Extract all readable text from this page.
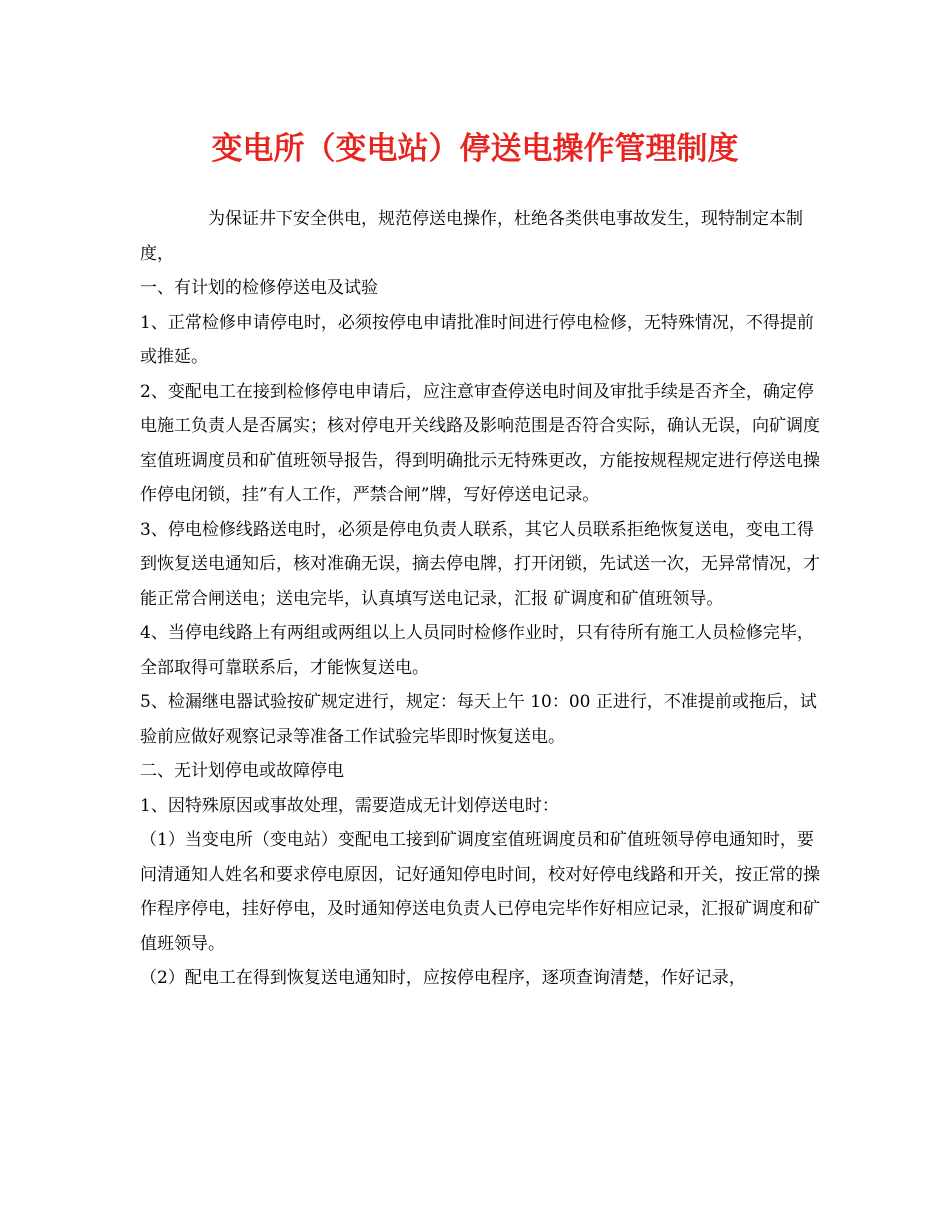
变电所（变电站）停送电操作管理制度

为保证井下安全供电，规范停送电操作，杜绝各类供电事故发生，现特制定本制度，

一、有计划的检修停送电及试验

1、正常检修申请停电时，必须按停电申请批准时间进行停电检修，无特殊情况，不得提前或推延。

2、变配电工在接到检修停电申请后，应注意审查停送电时间及审批手续是否齐全，确定停电施工负责人是否属实；核对停电开关线路及影响范围是否符合实际，确认无误，向矿调度室值班调度员和矿值班领导报告，得到明确批示无特殊更改，方能按规程规定进行停送电操作停电闭锁，挂”有人工作，严禁合闸”牌，写好停送电记录。

3、停电检修线路送电时，必须是停电负责人联系，其它人员联系拒绝恢复送电，变电工得到恢复送电通知后，核对准确无误，摘去停电牌，打开闭锁，先试送一次，无异常情况，才能正常合闸送电；送电完毕，认真填写送电记录，汇报 矿调度和矿值班领导。

4、当停电线路上有两组或两组以上人员同时检修作业时，只有待所有施工人员检修完毕，全部取得可靠联系后，才能恢复送电。

5、检漏继电器试验按矿规定进行，规定：每天上午 10：00 正进行，不准提前或拖后，试验前应做好观察记录等准备工作试验完毕即时恢复送电。

二、无计划停电或故障停电

1、因特殊原因或事故处理，需要造成无计划停送电时：

（1）当变电所（变电站）变配电工接到矿调度室值班调度员和矿值班领导停电通知时，要问清通知人姓名和要求停电原因，记好通知停电时间，校对好停电线路和开关，按正常的操作程序停电，挂好停电，及时通知停送电负责人已停电完毕作好相应记录，汇报矿调度和矿值班领导。

（2）配电工在得到恢复送电通知时，应按停电程序，逐项查询清楚，作好记录，
